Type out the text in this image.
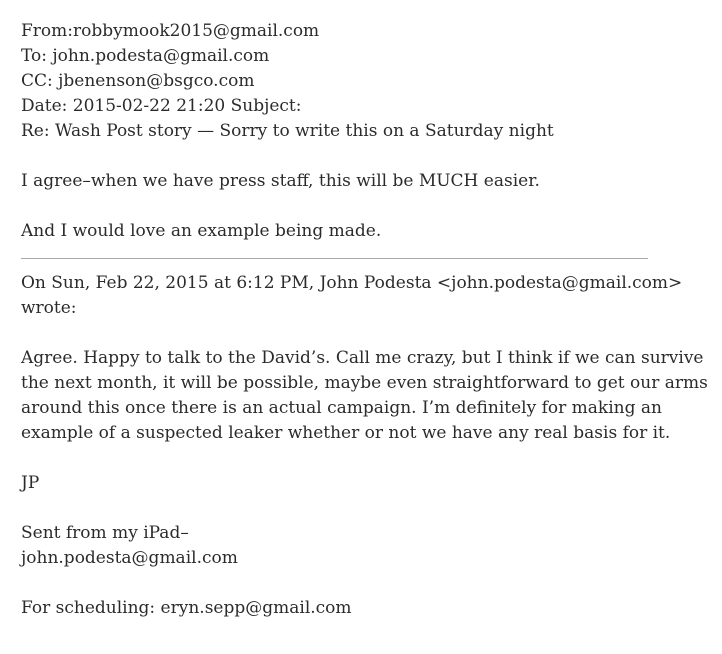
From:robbymook2015@gmail.com
To: john.podesta@gmail.com
CC: jbenenson@bsgco.com
Date: 2015-02-22 21:20 Subject:
Re: Wash Post story — Sorry to write this on a Saturday night
I agree–when we have press staff, this will be MUCH easier.
And I would love an example being made.
On Sun, Feb 22, 2015 at 6:12 PM, John Podesta <john.podesta@gmail.com>
wrote:
Agree. Happy to talk to the David’s. Call me crazy, but I think if we can survive
the next month, it will be possible, maybe even straightforward to get our arms
around this once there is an actual campaign. I’m definitely for making an
example of a suspected leaker whether or not we have any real basis for it.
JP
Sent from my iPad–
john.podesta@gmail.com
For scheduling: eryn.sepp@gmail.com
